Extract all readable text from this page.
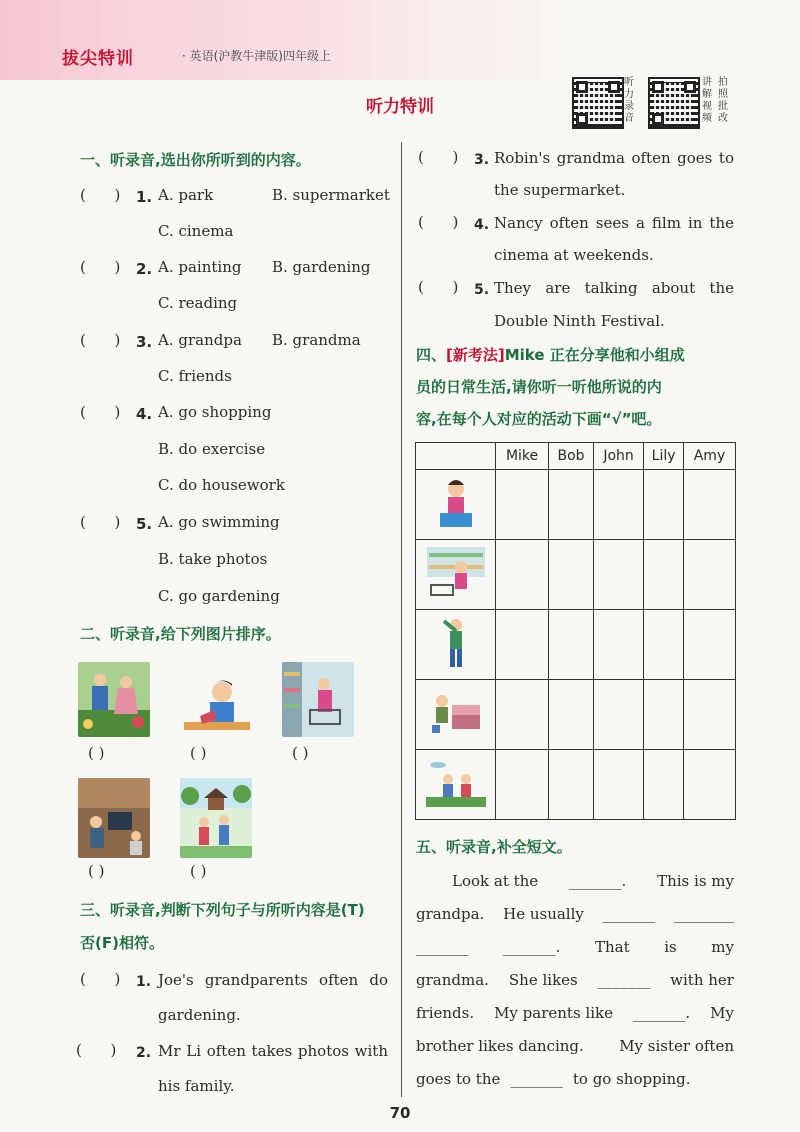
拔尖特训	· 英语(沪教牛津版)四年级上
听力特训
听力录音
讲解视频
拍照批改
一、听录音,选出你所听到的内容。
(      ) 1. A. park	B. supermarket
C. cinema
(      ) 2. A. painting B. gardening
C. reading
(      ) 3. A. grandpa B. grandma
C. friends
(      ) 4. A. go shopping
B. do exercise
C. do housework
(      ) 5. A. go swimming
B. take photos
C. go gardening
二、听录音,给下列图片排序。
( )	( )	( )
( )	( )
三、听录音,判断下列句子与所听内容是(T)
否(F)相符。
(      ) 1. Joe's grandparents often do
gardening.
(      ) 2. Mr Li often takes photos with
his family.
(      ) 3. Robin's grandma often goes to
the supermarket.
(      ) 4. Nancy often sees a film in the
cinema at weekends.
(      ) 5. They are talking about the
Double Ninth Festival.
四、[新考法]Mike 正在分享他和小组成
员的日常生活,请你听一听他所说的内
容,在每个人对应的活动下画“√”吧。
	Mike	Bob	John	Lily	Amy

五、听录音,补全短文。
Look at the _______. This is my
grandpa. He usually _______ ________
_______ _______. That is my
grandma. She likes _______ with her
friends. My parents like _______. My
brother likes dancing. My sister often
goes to the _______ to go shopping.
70
